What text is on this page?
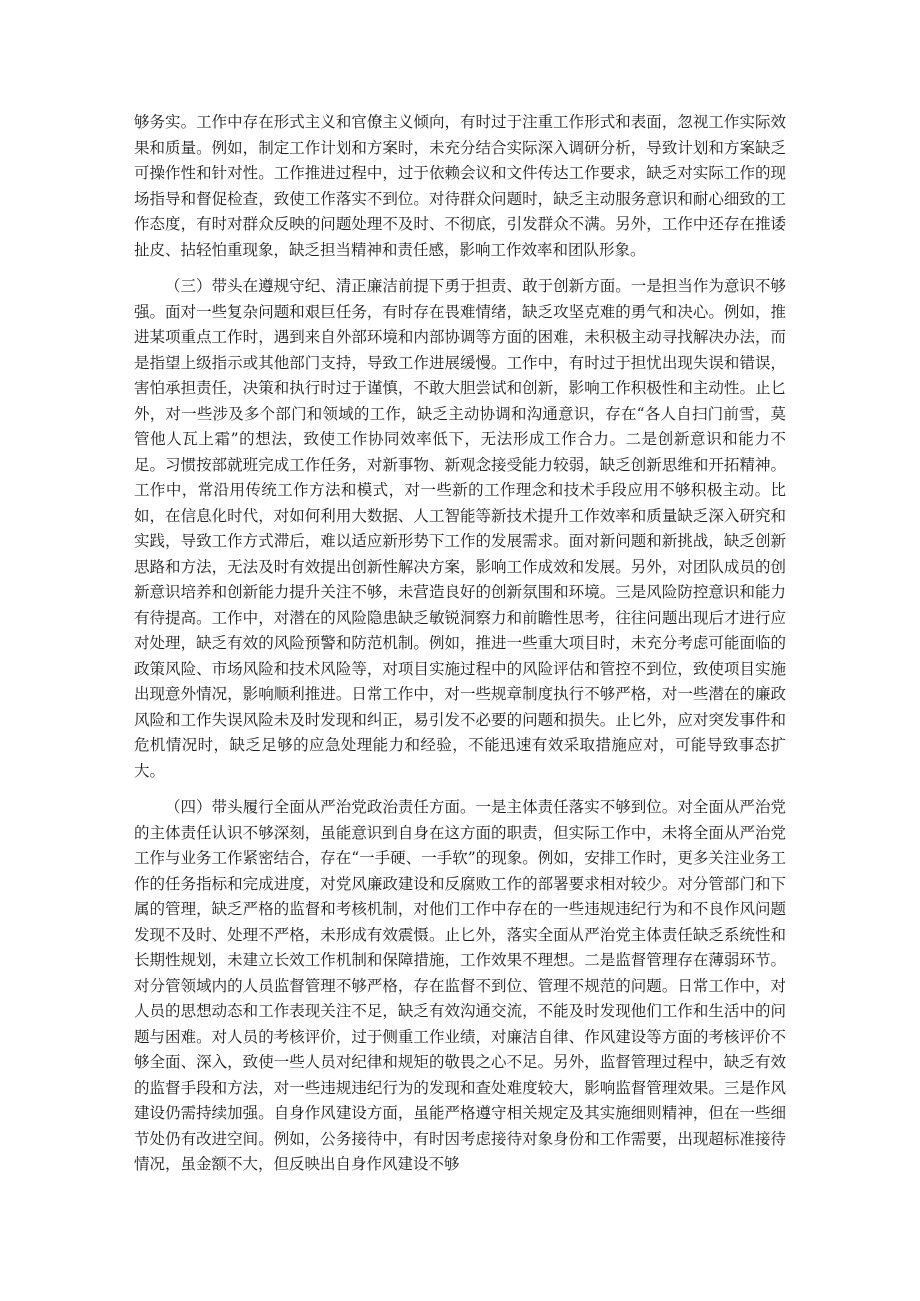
够务实。工作中存在形式主义和官僚主义倾向，有时过于注重工作形式和表面，忽视工作实际效果和质量。例如，制定工作计划和方案时，未充分结合实际深入调研分析，导致计划和方案缺乏可操作性和针对性。工作推进过程中，过于依赖会议和文件传达工作要求，缺乏对实际工作的现场指导和督促检查，致使工作落实不到位。对待群众问题时，缺乏主动服务意识和耐心细致的工作态度，有时对群众反映的问题处理不及时、不彻底，引发群众不满。另外，工作中还存在推诿扯皮、拈轻怕重现象，缺乏担当精神和责任感，影响工作效率和团队形象。

（三）带头在遵规守纪、清正廉洁前提下勇于担责、敢于创新方面。一是担当作为意识不够强。面对一些复杂问题和艰巨任务，有时存在畏难情绪，缺乏攻坚克难的勇气和决心。例如，推进某项重点工作时，遇到来自外部环境和内部协调等方面的困难，未积极主动寻找解决办法，而是指望上级指示或其他部门支持，导致工作进展缓慢。工作中，有时过于担忧出现失误和错误，害怕承担责任，决策和执行时过于谨慎，不敢大胆尝试和创新，影响工作积极性和主动性。止匕外，对一些涉及多个部门和领域的工作，缺乏主动协调和沟通意识，存在“各人自扫门前雪，莫管他人瓦上霜”的想法，致使工作协同效率低下，无法形成工作合力。二是创新意识和能力不足。习惯按部就班完成工作任务，对新事物、新观念接受能力较弱，缺乏创新思维和开拓精神。工作中，常沿用传统工作方法和模式，对一些新的工作理念和技术手段应用不够积极主动。比如，在信息化时代，对如何利用大数据、人工智能等新技术提升工作效率和质量缺乏深入研究和实践，导致工作方式滞后，难以适应新形势下工作的发展需求。面对新问题和新挑战，缺乏创新思路和方法，无法及时有效提出创新性解决方案，影响工作成效和发展。另外，对团队成员的创新意识培养和创新能力提升关注不够，未营造良好的创新氛围和环境。三是风险防控意识和能力有待提高。工作中，对潜在的风险隐患缺乏敏锐洞察力和前瞻性思考，往往问题出现后才进行应对处理，缺乏有效的风险预警和防范机制。例如，推进一些重大项目时，未充分考虑可能面临的政策风险、市场风险和技术风险等，对项目实施过程中的风险评估和管控不到位，致使项目实施出现意外情况，影响顺利推进。日常工作中，对一些规章制度执行不够严格，对一些潜在的廉政风险和工作失误风险未及时发现和纠正，易引发不必要的问题和损失。止匕外，应对突发事件和危机情况时，缺乏足够的应急处理能力和经验，不能迅速有效采取措施应对，可能导致事态扩大。

（四）带头履行全面从严治党政治责任方面。一是主体责任落实不够到位。对全面从严治党的主体责任认识不够深刻，虽能意识到自身在这方面的职责，但实际工作中，未将全面从严治党工作与业务工作紧密结合，存在“一手硬、一手软”的现象。例如，安排工作时，更多关注业务工作的任务指标和完成进度，对党风廉政建设和反腐败工作的部署要求相对较少。对分管部门和下属的管理，缺乏严格的监督和考核机制，对他们工作中存在的一些违规违纪行为和不良作风问题发现不及时、处理不严格，未形成有效震慑。止匕外，落实全面从严治党主体责任缺乏系统性和长期性规划，未建立长效工作机制和保障措施，工作效果不理想。二是监督管理存在薄弱环节。对分管领域内的人员监督管理不够严格，存在监督不到位、管理不规范的问题。日常工作中，对人员的思想动态和工作表现关注不足，缺乏有效沟通交流，不能及时发现他们工作和生活中的问题与困难。对人员的考核评价，过于侧重工作业绩，对廉洁自律、作风建设等方面的考核评价不够全面、深入，致使一些人员对纪律和规矩的敬畏之心不足。另外，监督管理过程中，缺乏有效的监督手段和方法，对一些违规违纪行为的发现和查处难度较大，影响监督管理效果。三是作风建设仍需持续加强。自身作风建设方面，虽能严格遵守相关规定及其实施细则精神，但在一些细节处仍有改进空间。例如，公务接待中，有时因考虑接待对象身份和工作需要，出现超标准接待情况，虽金额不大，但反映出自身作风建设不够
